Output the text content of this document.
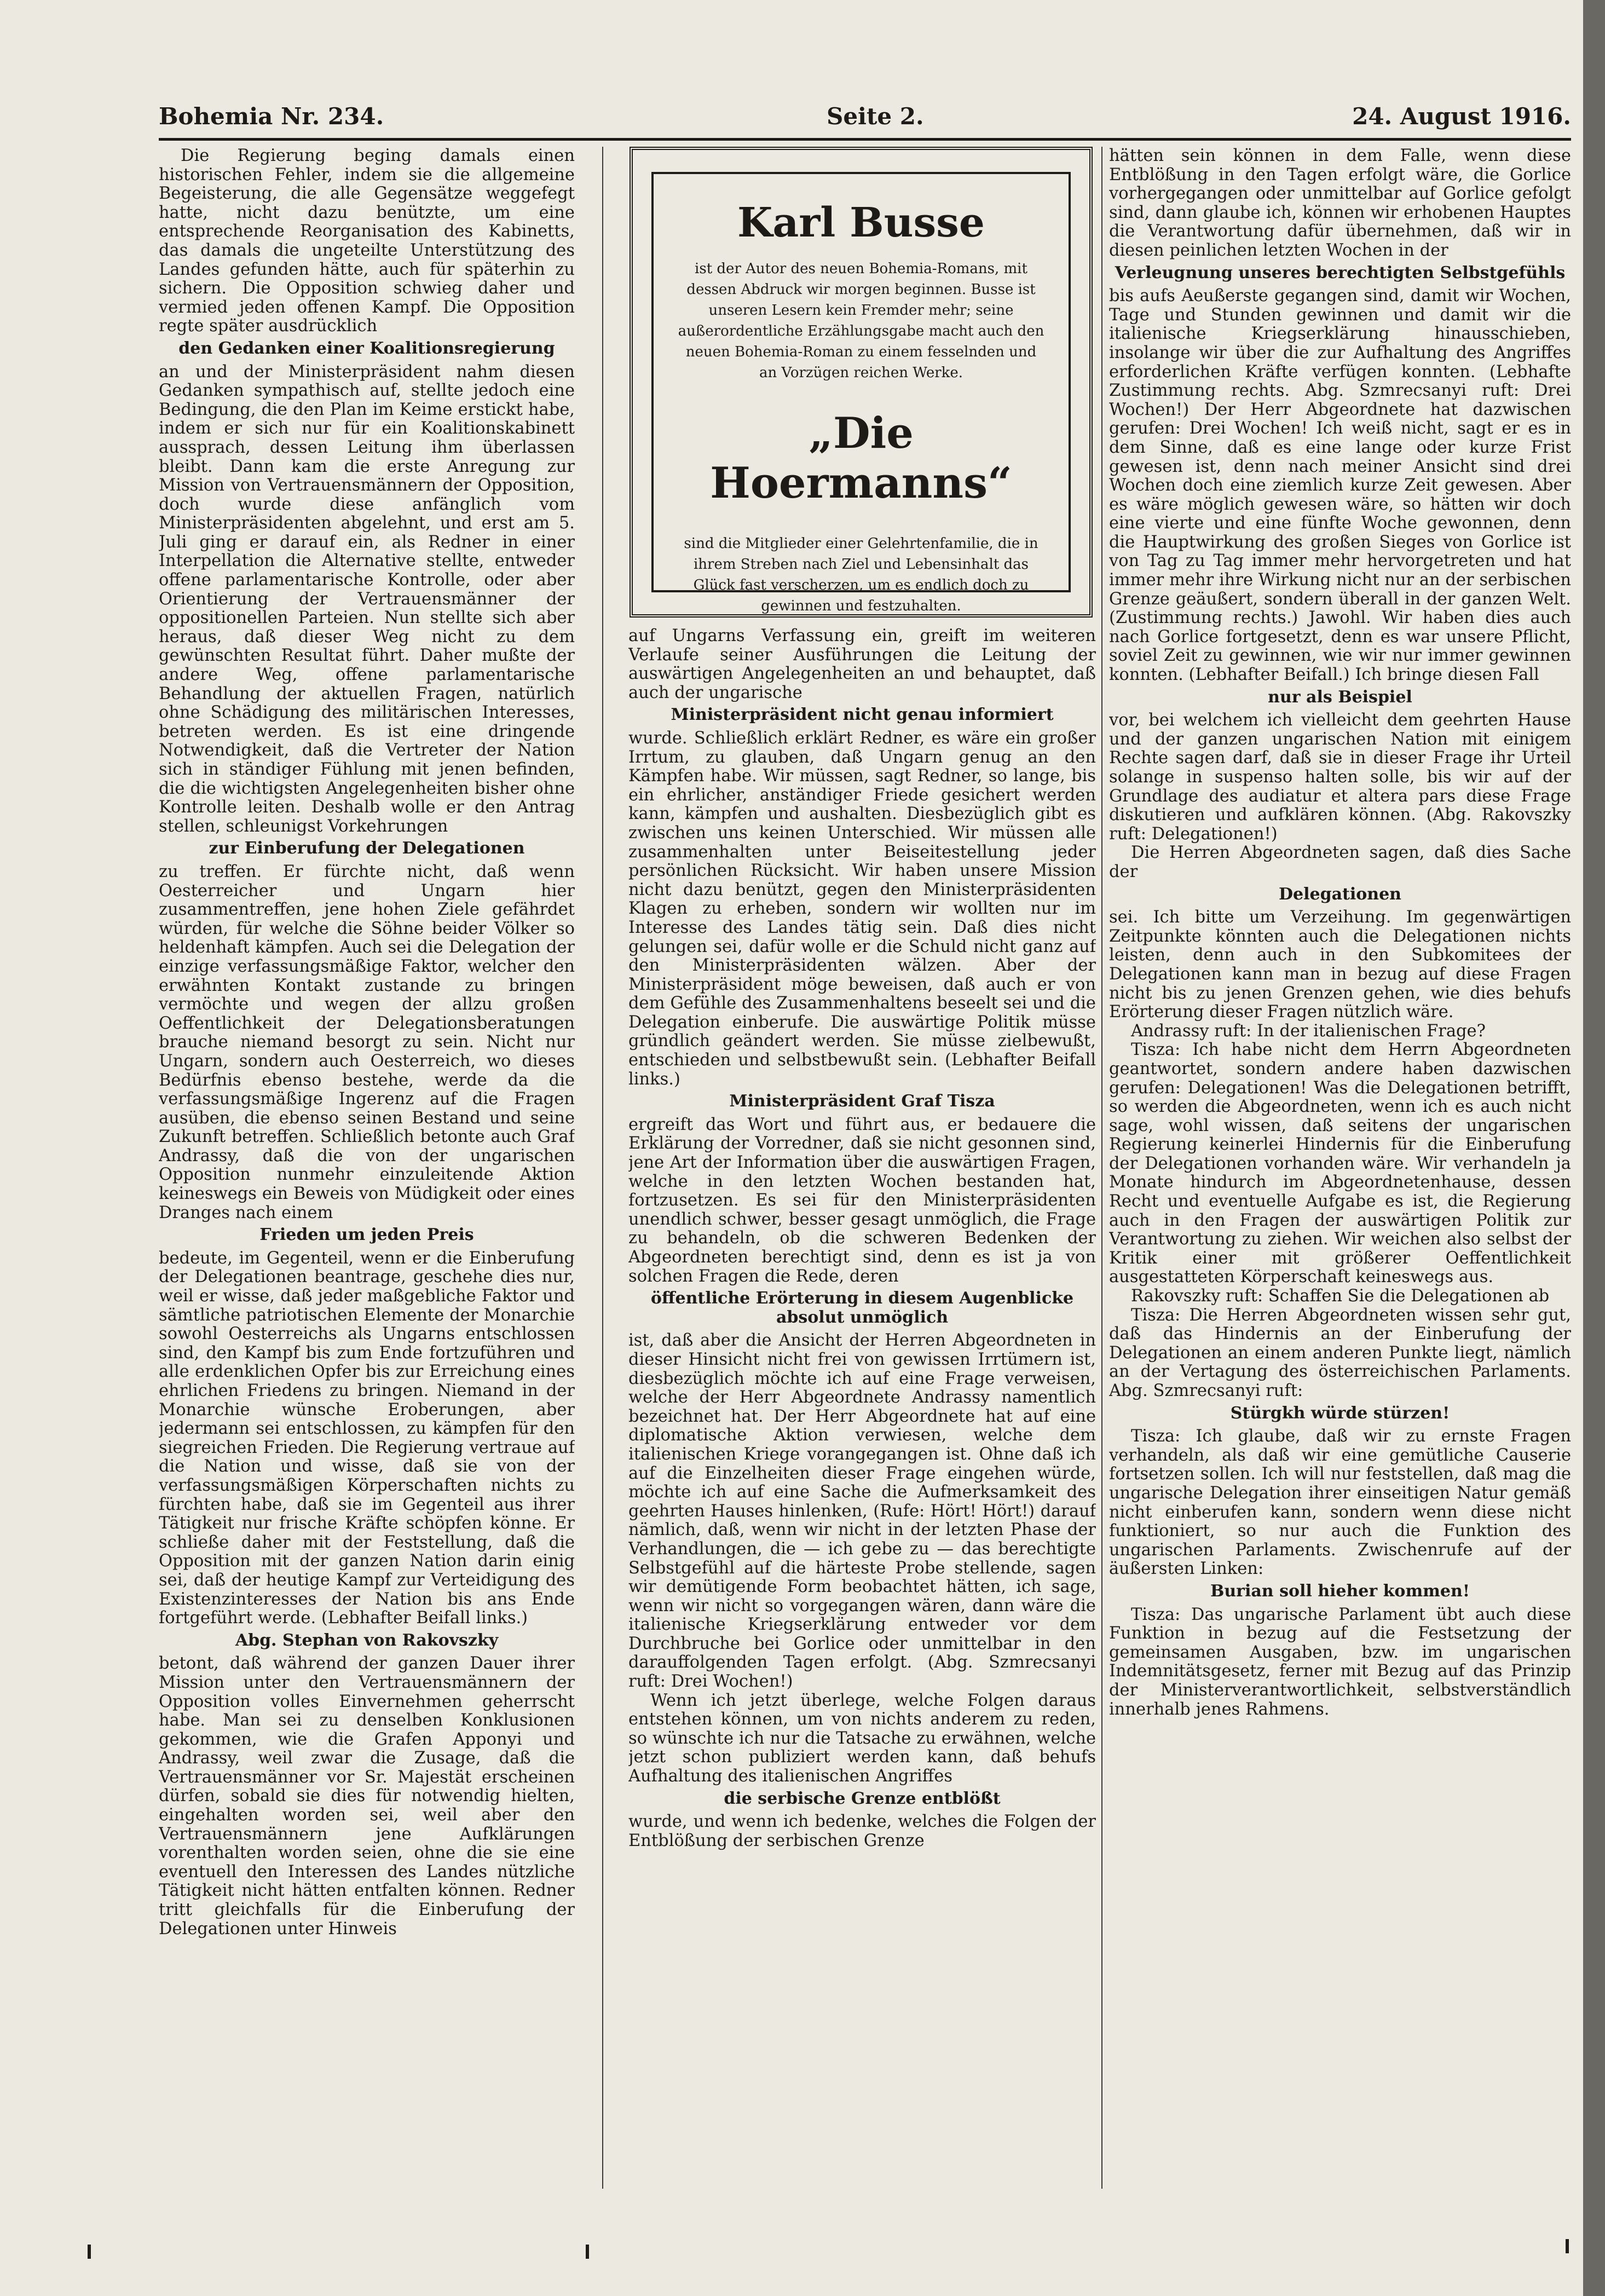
Bohemia Nr. 234.	Seite 2.	24. August 1916.

Die Regierung beging damals einen historischen Fehler, indem sie die allgemeine Begeisterung, die alle Gegensätze weggefegt hatte, nicht dazu benützte, um eine entsprechende Reorganisation des Kabinetts, das damals die ungeteilte Unterstützung des Landes gefunden hätte, auch für späterhin zu sichern. Die Opposition schwieg daher und vermied jeden offenen Kampf. Die Opposition regte später ausdrücklich

den Gedanken einer Koalitionsregierung

an und der Ministerpräsident nahm diesen Gedanken sympathisch auf, stellte jedoch eine Bedingung, die den Plan im Keime erstickt habe, indem er sich nur für ein Koalitionskabinett aussprach, dessen Leitung ihm überlassen bleibt. Dann kam die erste Anregung zur Mission von Vertrauensmännern der Opposition, doch wurde diese anfänglich vom Ministerpräsidenten abgelehnt, und erst am 5. Juli ging er darauf ein, als Redner in einer Interpellation die Alternative stellte, entweder offene parlamentarische Kontrolle, oder aber Orientierung der Vertrauensmänner der oppositionellen Parteien. Nun stellte sich aber heraus, daß dieser Weg nicht zu dem gewünschten Resultat führt. Daher mußte der andere Weg, offene parlamentarische Behandlung der aktuellen Fragen, natürlich ohne Schädigung des militärischen Interesses, betreten werden. Es ist eine dringende Notwendigkeit, daß die Vertreter der Nation sich in ständiger Fühlung mit jenen befinden, die die wichtigsten Angelegenheiten bisher ohne Kontrolle leiten. Deshalb wolle er den Antrag stellen, schleunigst Vorkehrungen

zur Einberufung der Delegationen

zu treffen. Er fürchte nicht, daß wenn Oesterreicher und Ungarn hier zusammentreffen, jene hohen Ziele gefährdet würden, für welche die Söhne beider Völker so heldenhaft kämpfen. Auch sei die Delegation der einzige verfassungsmäßige Faktor, welcher den erwähnten Kontakt zustande zu bringen vermöchte und wegen der allzu großen Oeffentlichkeit der Delegationsberatungen brauche niemand besorgt zu sein. Nicht nur Ungarn, sondern auch Oesterreich, wo dieses Bedürfnis ebenso bestehe, werde da die verfassungsmäßige Ingerenz auf die Fragen ausüben, die ebenso seinen Bestand und seine Zukunft betreffen. Schließlich betonte auch Graf Andrassy, daß die von der ungarischen Opposition nunmehr einzuleitende Aktion keineswegs ein Beweis von Müdigkeit oder eines Dranges nach einem

Frieden um jeden Preis

bedeute, im Gegenteil, wenn er die Einberufung der Delegationen beantrage, geschehe dies nur, weil er wisse, daß jeder maßgebliche Faktor und sämtliche patriotischen Elemente der Monarchie sowohl Oesterreichs als Ungarns entschlossen sind, den Kampf bis zum Ende fortzuführen und alle erdenklichen Opfer bis zur Erreichung eines ehrlichen Friedens zu bringen. Niemand in der Monarchie wünsche Eroberungen, aber jedermann sei entschlossen, zu kämpfen für den siegreichen Frieden. Die Regierung vertraue auf die Nation und wisse, daß sie von der verfassungsmäßigen Körperschaften nichts zu fürchten habe, daß sie im Gegenteil aus ihrer Tätigkeit nur frische Kräfte schöpfen könne. Er schließe daher mit der Feststellung, daß die Opposition mit der ganzen Nation darin einig sei, daß der heutige Kampf zur Verteidigung des Existenzinteresses der Nation bis ans Ende fortgeführt werde. (Lebhafter Beifall links.)

Abg. Stephan von Rakovszky

betont, daß während der ganzen Dauer ihrer Mission unter den Vertrauensmännern der Opposition volles Einvernehmen geherrscht habe. Man sei zu denselben Konklusionen gekommen, wie die Grafen Apponyi und Andrassy, weil zwar die Zusage, daß die Vertrauensmänner vor Sr. Majestät erscheinen dürfen, sobald sie dies für notwendig hielten, eingehalten worden sei, weil aber den Vertrauensmännern jene Aufklärungen vorenthalten worden seien, ohne die sie eine eventuell den Interessen des Landes nützliche Tätigkeit nicht hätten entfalten können. Redner tritt gleichfalls für die Einberufung der Delegationen unter Hinweis

Karl Busse

ist der Autor des neuen Bohemia-Romans, mit dessen Abdruck wir morgen beginnen. Busse ist unseren Lesern kein Fremder mehr; seine außerordentliche Erzählungsgabe macht auch den neuen Bohemia-Roman zu einem fesselnden und an Vorzügen reichen Werke.

„Die Hoermanns“

sind die Mitglieder einer Gelehrtenfamilie, die in ihrem Streben nach Ziel und Lebensinhalt das Glück fast verscherzen, um es endlich doch zu gewinnen und festzuhalten.

auf Ungarns Verfassung ein, greift im weiteren Verlaufe seiner Ausführungen die Leitung der auswärtigen Angelegenheiten an und behauptet, daß auch der ungarische

Ministerpräsident nicht genau informiert

wurde. Schließlich erklärt Redner, es wäre ein großer Irrtum, zu glauben, daß Ungarn genug an den Kämpfen habe. Wir müssen, sagt Redner, so lange, bis ein ehrlicher, anständiger Friede gesichert werden kann, kämpfen und aushalten. Diesbezüglich gibt es zwischen uns keinen Unterschied. Wir müssen alle zusammenhalten unter Beiseitestellung jeder persönlichen Rücksicht. Wir haben unsere Mission nicht dazu benützt, gegen den Ministerpräsidenten Klagen zu erheben, sondern wir wollten nur im Interesse des Landes tätig sein. Daß dies nicht gelungen sei, dafür wolle er die Schuld nicht ganz auf den Ministerpräsidenten wälzen. Aber der Ministerpräsident möge beweisen, daß auch er von dem Gefühle des Zusammenhaltens beseelt sei und die Delegation einberufe. Die auswärtige Politik müsse gründlich geändert werden. Sie müsse zielbewußt, entschieden und selbstbewußt sein. (Lebhafter Beifall links.)

Ministerpräsident Graf Tisza

ergreift das Wort und führt aus, er bedauere die Erklärung der Vorredner, daß sie nicht gesonnen sind, jene Art der Information über die auswärtigen Fragen, welche in den letzten Wochen bestanden hat, fortzusetzen. Es sei für den Ministerpräsidenten unendlich schwer, besser gesagt unmöglich, die Frage zu behandeln, ob die schweren Bedenken der Abgeordneten berechtigt sind, denn es ist ja von solchen Fragen die Rede, deren

öffentliche Erörterung in diesem Augenblicke absolut unmöglich

ist, daß aber die Ansicht der Herren Abgeordneten in dieser Hinsicht nicht frei von gewissen Irrtümern ist, diesbezüglich möchte ich auf eine Frage verweisen, welche der Herr Abgeordnete Andrassy namentlich bezeichnet hat. Der Herr Abgeordnete hat auf eine diplomatische Aktion verwiesen, welche dem italienischen Kriege vorangegangen ist. Ohne daß ich auf die Einzelheiten dieser Frage eingehen würde, möchte ich auf eine Sache die Aufmerksamkeit des geehrten Hauses hinlenken, (Rufe: Hört! Hört!) darauf nämlich, daß, wenn wir nicht in der letzten Phase der Verhandlungen, die — ich gebe zu — das berechtigte Selbstgefühl auf die härteste Probe stellende, sagen wir demütigende Form beobachtet hätten, ich sage, wenn wir nicht so vorgegangen wären, dann wäre die italienische Kriegserklärung entweder vor dem Durchbruche bei Gorlice oder unmittelbar in den darauffolgenden Tagen erfolgt. (Abg. Szmrecsanyi ruft: Drei Wochen!)

Wenn ich jetzt überlege, welche Folgen daraus entstehen können, um von nichts anderem zu reden, so wünschte ich nur die Tatsache zu erwähnen, welche jetzt schon publiziert werden kann, daß behufs Aufhaltung des italienischen Angriffes

die serbische Grenze entblößt

wurde, und wenn ich bedenke, welches die Folgen der Entblößung der serbischen Grenze

hätten sein können in dem Falle, wenn diese Entblößung in den Tagen erfolgt wäre, die Gorlice vorhergegangen oder unmittelbar auf Gorlice gefolgt sind, dann glaube ich, können wir erhobenen Hauptes die Verantwortung dafür übernehmen, daß wir in diesen peinlichen letzten Wochen in der

Verleugnung unseres berechtigten Selbstgefühls

bis aufs Aeußerste gegangen sind, damit wir Wochen, Tage und Stunden gewinnen und damit wir die italienische Kriegserklärung hinausschieben, insolange wir über die zur Aufhaltung des Angriffes erforderlichen Kräfte verfügen konnten. (Lebhafte Zustimmung rechts. Abg. Szmrecsanyi ruft: Drei Wochen!) Der Herr Abgeordnete hat dazwischen gerufen: Drei Wochen! Ich weiß nicht, sagt er es in dem Sinne, daß es eine lange oder kurze Frist gewesen ist, denn nach meiner Ansicht sind drei Wochen doch eine ziemlich kurze Zeit gewesen. Aber es wäre möglich gewesen wäre, so hätten wir doch eine vierte und eine fünfte Woche gewonnen, denn die Hauptwirkung des großen Sieges von Gorlice ist von Tag zu Tag immer mehr hervorgetreten und hat immer mehr ihre Wirkung nicht nur an der serbischen Grenze geäußert, sondern überall in der ganzen Welt. (Zustimmung rechts.) Jawohl. Wir haben dies auch nach Gorlice fortgesetzt, denn es war unsere Pflicht, soviel Zeit zu gewinnen, wie wir nur immer gewinnen konnten. (Lebhafter Beifall.) Ich bringe diesen Fall

nur als Beispiel

vor, bei welchem ich vielleicht dem geehrten Hause und der ganzen ungarischen Nation mit einigem Rechte sagen darf, daß sie in dieser Frage ihr Urteil solange in suspenso halten solle, bis wir auf der Grundlage des audiatur et altera pars diese Frage diskutieren und aufklären können. (Abg. Rakovszky ruft: Delegationen!)

Die Herren Abgeordneten sagen, daß dies Sache der

Delegationen

sei. Ich bitte um Verzeihung. Im gegenwärtigen Zeitpunkte könnten auch die Delegationen nichts leisten, denn auch in den Subkomitees der Delegationen kann man in bezug auf diese Fragen nicht bis zu jenen Grenzen gehen, wie dies behufs Erörterung dieser Fragen nützlich wäre.

Andrassy ruft: In der italienischen Frage?

Tisza: Ich habe nicht dem Herrn Abgeordneten geantwortet, sondern andere haben dazwischen gerufen: Delegationen! Was die Delegationen betrifft, so werden die Abgeordneten, wenn ich es auch nicht sage, wohl wissen, daß seitens der ungarischen Regierung keinerlei Hindernis für die Einberufung der Delegationen vorhanden wäre. Wir verhandeln ja Monate hindurch im Abgeordnetenhause, dessen Recht und eventuelle Aufgabe es ist, die Regierung auch in den Fragen der auswärtigen Politik zur Verantwortung zu ziehen. Wir weichen also selbst der Kritik einer mit größerer Oeffentlichkeit ausgestatteten Körperschaft keineswegs aus.

Rakovszky ruft: Schaffen Sie die Delegationen ab

Tisza: Die Herren Abgeordneten wissen sehr gut, daß das Hindernis an der Einberufung der Delegationen an einem anderen Punkte liegt, nämlich an der Vertagung des österreichischen Parlaments. Abg. Szmrecsanyi ruft:

Stürgkh würde stürzen!

Tisza: Ich glaube, daß wir zu ernste Fragen verhandeln, als daß wir eine gemütliche Causerie fortsetzen sollen. Ich will nur feststellen, daß mag die ungarische Delegation ihrer einseitigen Natur gemäß nicht einberufen kann, sondern wenn diese nicht funktioniert, so nur auch die Funktion des ungarischen Parlaments. Zwischenrufe auf der äußersten Linken:

Burian soll hieher kommen!

Tisza: Das ungarische Parlament übt auch diese Funktion in bezug auf die Festsetzung der gemeinsamen Ausgaben, bzw. im ungarischen Indemnitätsgesetz, ferner mit Bezug auf das Prinzip der Ministerverantwortlichkeit, selbstverständlich innerhalb jenes Rahmens.
